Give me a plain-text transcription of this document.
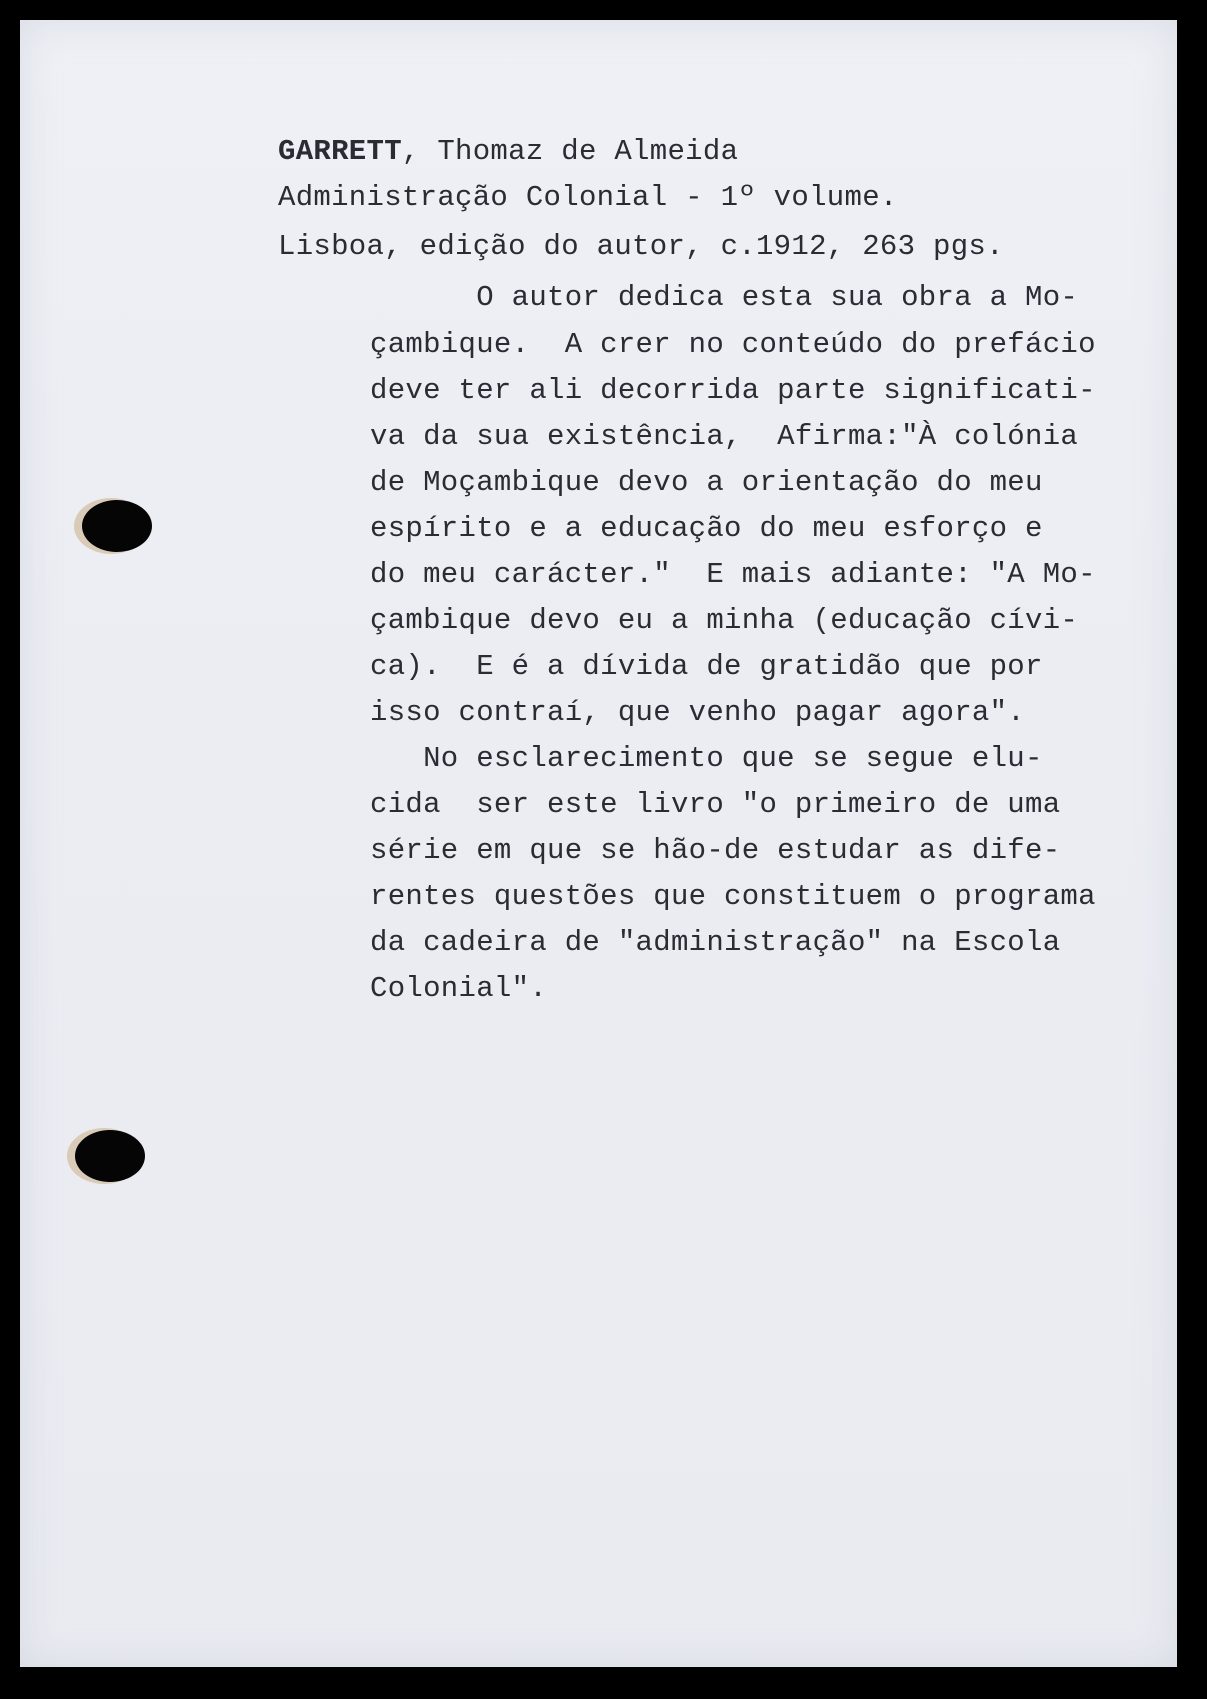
GARRETT, Thomaz de Almeida
Administração Colonial - 1º volume.
Lisboa, edição do autor, c.1912, 263 pgs.
O autor dedica esta sua obra a Mo-
çambique.  A crer no conteúdo do prefácio
deve ter ali decorrida parte significati-
va da sua existência,  Afirma:"À colónia
de Moçambique devo a orientação do meu
espírito e a educação do meu esforço e
do meu carácter."  E mais adiante: "A Mo-
çambique devo eu a minha (educação cívi-
ca).  E é a dívida de gratidão que por
isso contraí, que venho pagar agora".
No esclarecimento que se segue elu-
cida  ser este livro "o primeiro de uma
série em que se hão-de estudar as dife-
rentes questões que constituem o programa
da cadeira de "administração" na Escola
Colonial".
